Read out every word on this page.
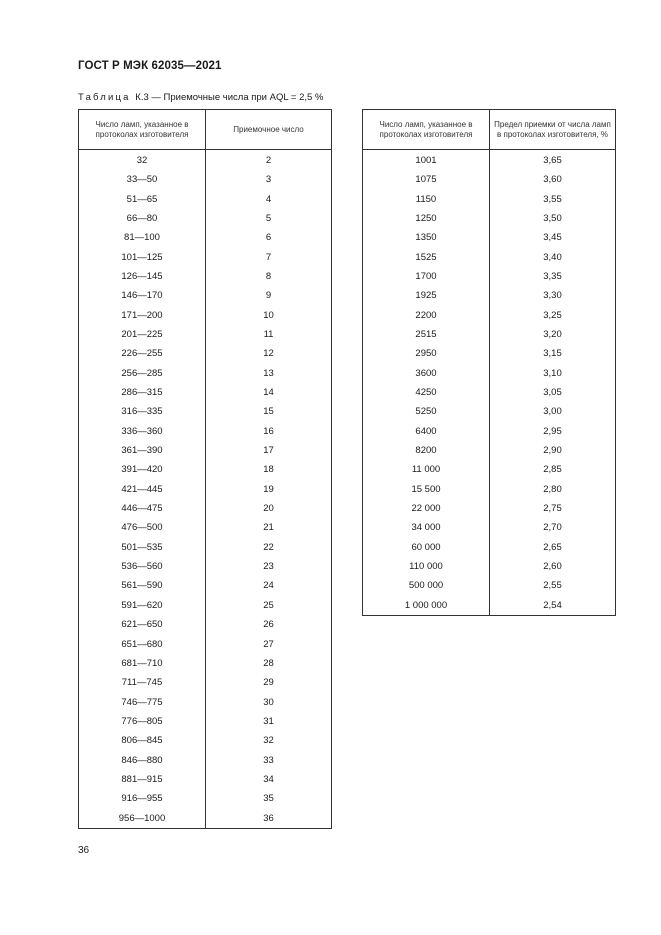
ГОСТ Р МЭК 62035—2021
Таблица К.3 — Приемочные числа при AQL = 2,5 %
Число ламп, указанное в протоколах изготовителя	Приемочное число
32	2
33—50	3
51—65	4
66—80	5
81—100	6
101—125	7
126—145	8
146—170	9
171—200	10
201—225	11
226—255	12
256—285	13
286—315	14
316—335	15
336—360	16
361—390	17
391—420	18
421—445	19
446—475	20
476—500	21
501—535	22
536—560	23
561—590	24
591—620	25
621—650	26
651—680	27
681—710	28
711—745	29
746—775	30
776—805	31
806—845	32
846—880	33
881—915	34
916—955	35
956—1000	36
Число ламп, указанное в протоколах изготовителя	Предел приемки от числа ламп в протоколах изготовителя, %
1001	3,65
1075	3,60
1150	3,55
1250	3,50
1350	3,45
1525	3,40
1700	3,35
1925	3,30
2200	3,25
2515	3,20
2950	3,15
3600	3,10
4250	3,05
5250	3,00
6400	2,95
8200	2,90
11 000	2,85
15 500	2,80
22 000	2,75
34 000	2,70
60 000	2,65
110 000	2,60
500 000	2,55
1 000 000	2,54
36
